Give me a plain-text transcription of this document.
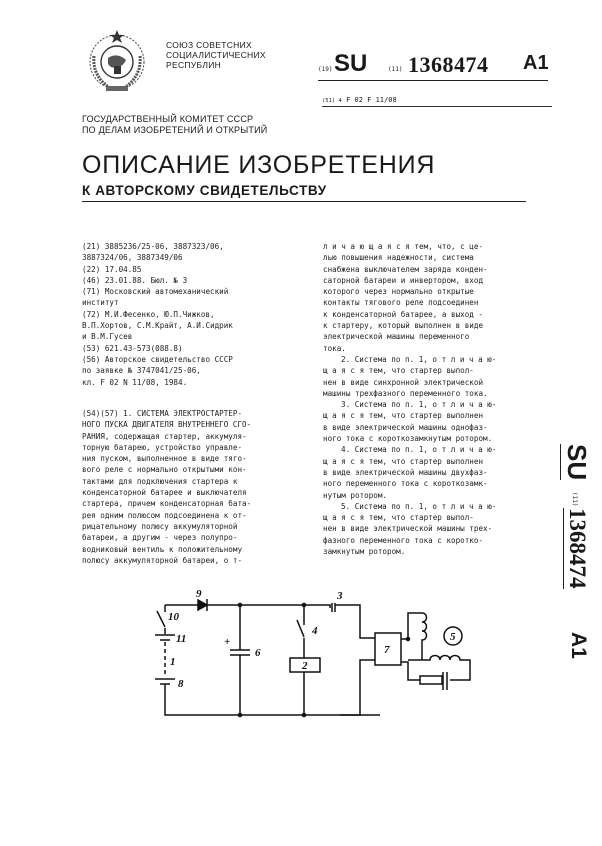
СОЮЗ СОВЕТСНИХ
СОЦИАЛИСТИЧЕСНИХ
РЕСПУБЛИН
ГОСУДАРСТВЕННЫЙ КОМИТЕТ СССР
ПО ДЕЛАМ ИЗОБРЕТЕНИЙ И ОТКРЫТИЙ
(19) SU	(11) 1368474 A1
(51) 4 F 02 F 11/08
ОПИСАНИЕ ИЗОБРЕТЕНИЯ
К АВТОРСКОМУ СВИДЕТЕЛЬСТВУ
(21) 3885236/25-06, 3887323/06,
3887324/06, 3887349/06
(22) 17.04.85
(46) 23.01.88. Бюл. № 3
(71) Московский автомеханический
институт
(72) М.И.Фесенко, Ю.П.Чижков,
В.П.Хортов, С.М.Крайт, А.И.Сидрик
и В.М.Гусев
(53) 621.43-573(088.8)
(56) Авторское свидетельство СССР
по заявке № 3747041/25-06,
кл. F 02 N 11/08, 1984.
(54)(57) 1. СИСТЕМА ЭЛЕКТРОСТАРТЕР-
НОГО ПУСКА ДВИГАТЕЛЯ ВНУТРЕННЕГО СГО-
РАНИЯ, содержащая стартер, аккумуля-
торную батарею, устройство управле-
ния пуском, выполненное в виде тяго-
вого реле с нормально открытыми кон-
тактами для подключения стартера к
конденсаторной батарее и выключателя
стартера, причем конденсаторная бата-
рея одним полюсом подсоединена к от-
рицательному полюсу аккумуляторной
батареи, а другим - через полупро-
водниковый вентиль к положительному
полюсу аккумуляторной батареи, о т-
л и ч а ю щ а я с я тем, что, с це-
лью повышения надежности, система
снабжена выключателем заряда конден-
саторной батареи и инвертором, вход
которого через нормально открытые
контакты тягового реле подсоединен
к конденсаторной батарее, а выход -
к стартеру, который выполнен в виде
электрической машины переменного
тока.
2. Система по п. 1, о т л и ч а ю-
щ а я с я тем, что стартер выпол-
нен в виде синхронной электрической
машины трехфазного переменного тока.
3. Система по п. 1, о т л и ч а ю-
щ а я с я тем, что стартер выполнен
в виде электрической машины однофаз-
ного тока с короткозамкнутым ротором.
4. Система по п. 1, о т л и ч а ю-
щ а я с я тем, что стартер выполнен
в виде электрической машины двухфаз-
ного переменного тока с короткозамк-
нутым ротором.
5. Система по п. 1, о т л и ч а ю-
щ а я с я тем, что стартер выпол-
нен в виде электрической машины трех-
фазного переменного тока с коротко-
замкнутым ротором.
SU
(11)
1368474
A1
9
10
11
1
8
+
6
4
2
3
7
5
